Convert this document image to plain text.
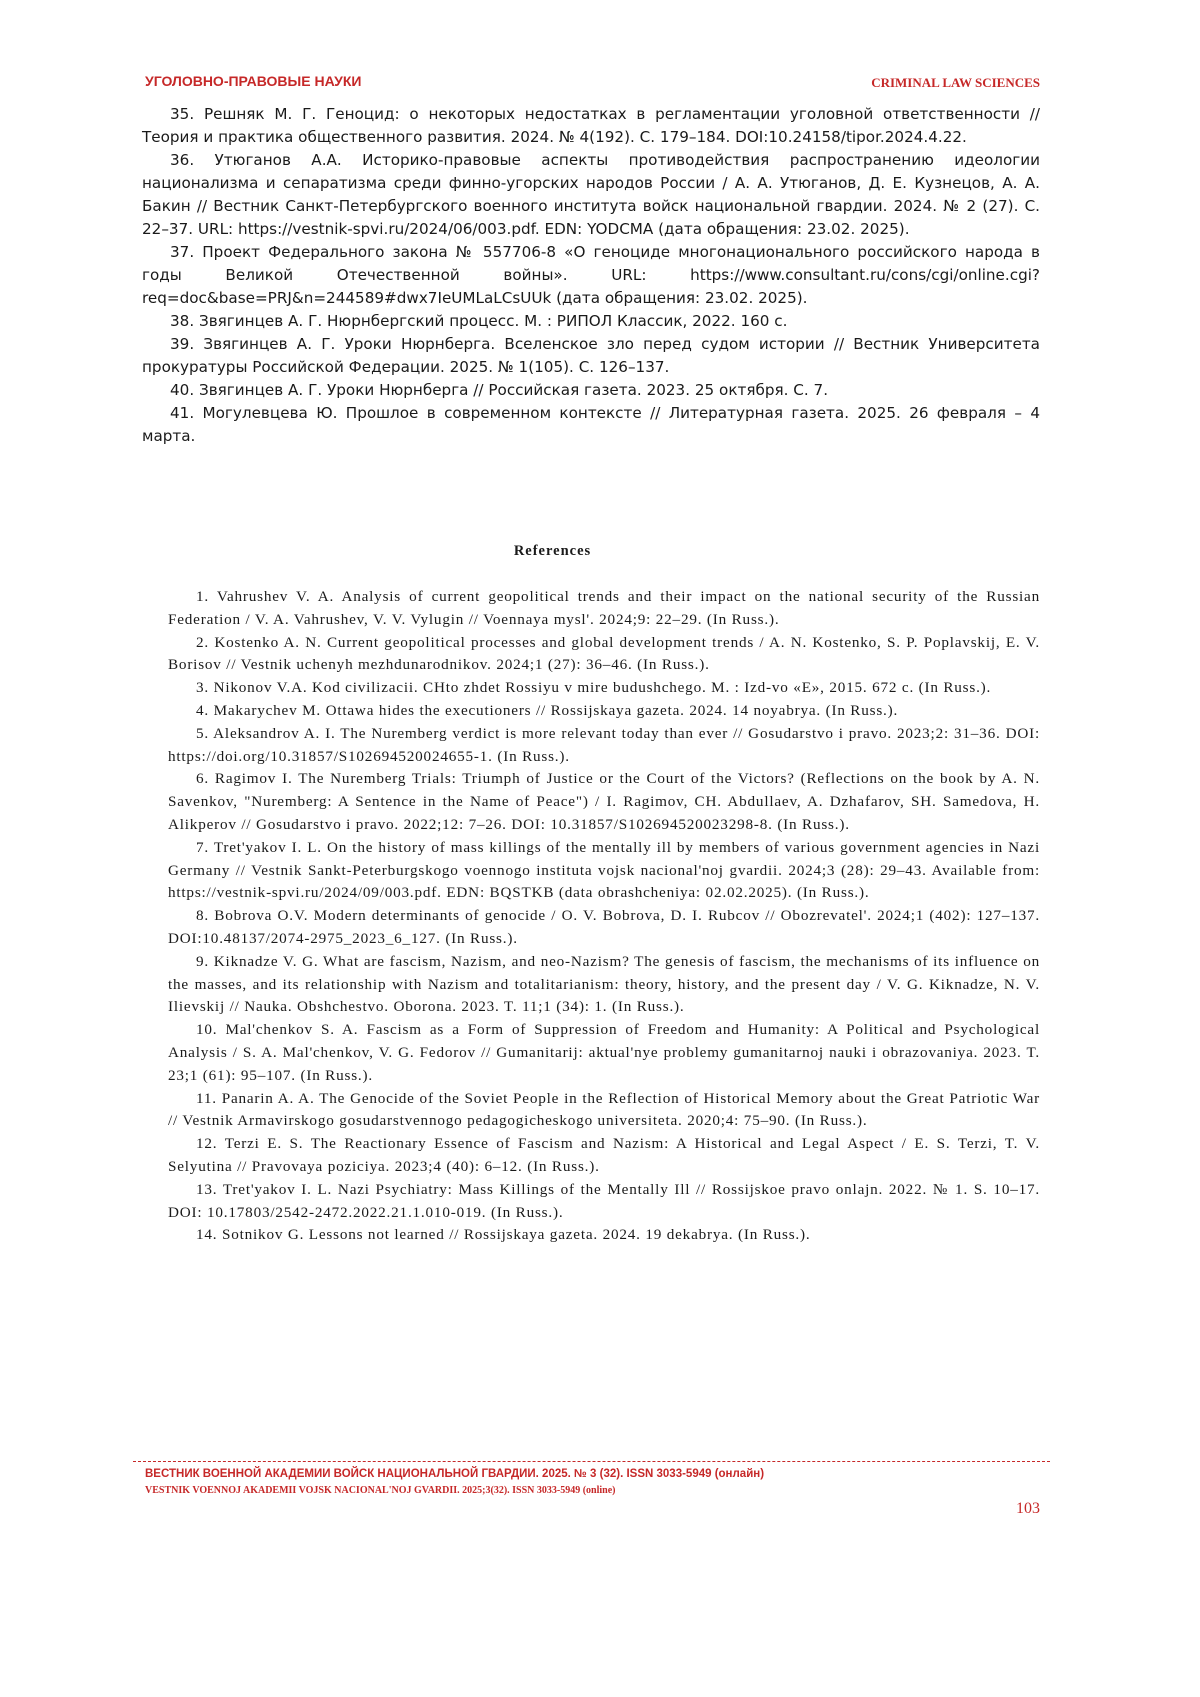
УГОЛОВНО-ПРАВОВЫЕ НАУКИ	CRIMINAL LAW SCIENCES

35. Решняк М. Г. Геноцид: о некоторых недостатках в регламентации уголовной ответственности // Теория и практика общественного развития. 2024. № 4(192). С. 179–184. DOI:10.24158/tipor.2024.4.22.

36. Утюганов А.А. Историко-правовые аспекты противодействия распространению идеологии национализма и сепаратизма среди финно-угорских народов России / А. А. Утюганов, Д. Е. Кузнецов, А. А. Бакин // Вестник Санкт-Петербургского военного института войск национальной гвардии. 2024. № 2 (27). С. 22–37. URL: https://vestnik-spvi.ru/2024/06/003.pdf. EDN: YODCMA (дата обращения: 23.02. 2025).

37. Проект Федерального закона № 557706-8 «О геноциде многонационального российского народа в годы Великой Отечественной войны». URL: https://www.consultant.ru/cons/cgi/online.cgi?req=doc&base=PRJ&n=244589#dwx7IeUMLaLCsUUk (дата обращения: 23.02. 2025).

38. Звягинцев А. Г. Нюрнбергский процесс. М. : РИПОЛ Классик, 2022. 160 с.

39. Звягинцев А. Г. Уроки Нюрнберга. Вселенское зло перед судом истории // Вестник Университета прокуратуры Российской Федерации. 2025. № 1(105). С. 126–137.

40. Звягинцев А. Г. Уроки Нюрнберга // Российская газета. 2023. 25 октября. С. 7.

41. Могулевцева Ю. Прошлое в современном контексте // Литературная газета. 2025. 26 февраля – 4 марта.

References

1. Vahrushev V. A. Analysis of current geopolitical trends and their impact on the national security of the Russian Federation / V. A. Vahrushev, V. V. Vylugin // Voennaya mysl'. 2024;9: 22–29. (In Russ.).

2. Kostenko A. N. Current geopolitical processes and global development trends / A. N. Kostenko, S. P. Poplavskij, E. V. Borisov // Vestnik uchenyh mezhdunarodnikov. 2024;1 (27): 36–46. (In Russ.).

3. Nikonov V.A. Kod civilizacii. CHto zhdet Rossiyu v mire budushchego. M. : Izd-vo «E», 2015. 672 c. (In Russ.).

4. Makarychev M. Ottawa hides the executioners // Rossijskaya gazeta. 2024. 14 noyabrya. (In Russ.).

5. Aleksandrov A. I. The Nuremberg verdict is more relevant today than ever // Gosudarstvo i pravo. 2023;2: 31–36. DOI: https://doi.org/10.31857/S102694520024655-1. (In Russ.).

6. Ragimov I. The Nuremberg Trials: Triumph of Justice or the Court of the Victors? (Reflections on the book by A. N. Savenkov, "Nuremberg: A Sentence in the Name of Peace") / I. Ragimov, CH. Abdullaev, A. Dzhafarov, SH. Samedova, H. Alikperov // Gosudarstvo i pravo. 2022;12: 7–26. DOI: 10.31857/S102694520023298-8. (In Russ.).

7. Tret'yakov I. L. On the history of mass killings of the mentally ill by members of various government agencies in Nazi Germany // Vestnik Sankt-Peterburgskogo voennogo instituta vojsk nacional'noj gvardii. 2024;3 (28): 29–43. Available from: https://vestnik-spvi.ru/2024/09/003.pdf. EDN: BQSTKB (data obrashcheniya: 02.02.2025). (In Russ.).

8. Bobrova O.V. Modern determinants of genocide / O. V. Bobrova, D. I. Rubcov // Obozrevatel'. 2024;1 (402): 127–137. DOI:10.48137/2074-2975_2023_6_127. (In Russ.).

9. Kiknadze V. G. What are fascism, Nazism, and neo-Nazism? The genesis of fascism, the mechanisms of its influence on the masses, and its relationship with Nazism and totalitarianism: theory, history, and the present day / V. G. Kiknadze, N. V. Ilievskij // Nauka. Obshchestvo. Oborona. 2023. T. 11;1 (34): 1. (In Russ.).

10. Mal'chenkov S. A. Fascism as a Form of Suppression of Freedom and Humanity: A Political and Psychological Analysis / S. A. Mal'chenkov, V. G. Fedorov // Gumanitarij: aktual'nye problemy gumanitarnoj nauki i obrazovaniya. 2023. T. 23;1 (61): 95–107. (In Russ.).

11. Panarin A. A. The Genocide of the Soviet People in the Reflection of Historical Memory about the Great Patriotic War // Vestnik Armavirskogo gosudarstvennogo pedagogicheskogo universiteta. 2020;4: 75–90. (In Russ.).

12. Terzi E. S. The Reactionary Essence of Fascism and Nazism: A Historical and Legal Aspect / E. S. Terzi, T. V. Selyutina // Pravovaya poziciya. 2023;4 (40): 6–12. (In Russ.).

13. Tret'yakov I. L. Nazi Psychiatry: Mass Killings of the Mentally Ill // Rossijskoe pravo onlajn. 2022. № 1. S. 10–17. DOI: 10.17803/2542-2472.2022.21.1.010-019. (In Russ.).

14. Sotnikov G. Lessons not learned // Rossijskaya gazeta. 2024. 19 dekabrya. (In Russ.).

ВЕСТНИК ВОЕННОЙ АКАДЕМИИ ВОЙСК НАЦИОНАЛЬНОЙ ГВАРДИИ. 2025. № 3 (32). ISSN 3033-5949 (онлайн)
VESTNIK VOENNOJ AKADEMII VOJSK NACIONAL'NOJ GVARDII. 2025;3(32). ISSN 3033-5949 (online)
103
